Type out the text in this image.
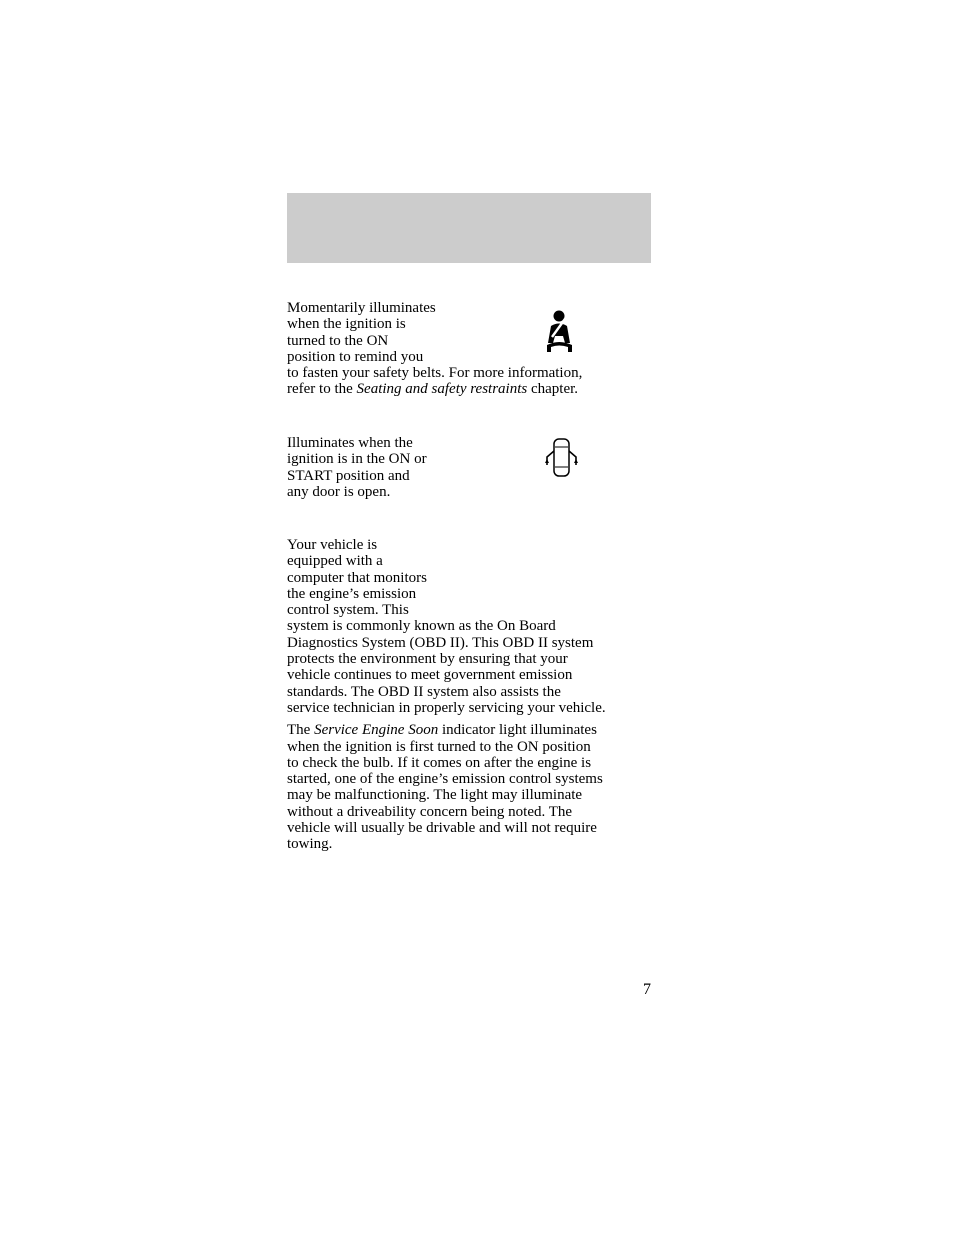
Momentarily illuminates
when the ignition is
turned to the ON
position to remind you
to fasten your safety belts. For more information,
refer to the Seating and safety restraints chapter.
Illuminates when the
ignition is in the ON or
START position and
any door is open.
Your vehicle is
equipped with a
computer that monitors
the engine’s emission
control system. This
system is commonly known as the On Board
Diagnostics System (OBD II). This OBD II system
protects the environment by ensuring that your
vehicle continues to meet government emission
standards. The OBD II system also assists the
service technician in properly servicing your vehicle.
The Service Engine Soon indicator light illuminates
when the ignition is first turned to the ON position
to check the bulb. If it comes on after the engine is
started, one of the engine’s emission control systems
may be malfunctioning. The light may illuminate
without a driveability concern being noted. The
vehicle will usually be drivable and will not require
towing.
7
